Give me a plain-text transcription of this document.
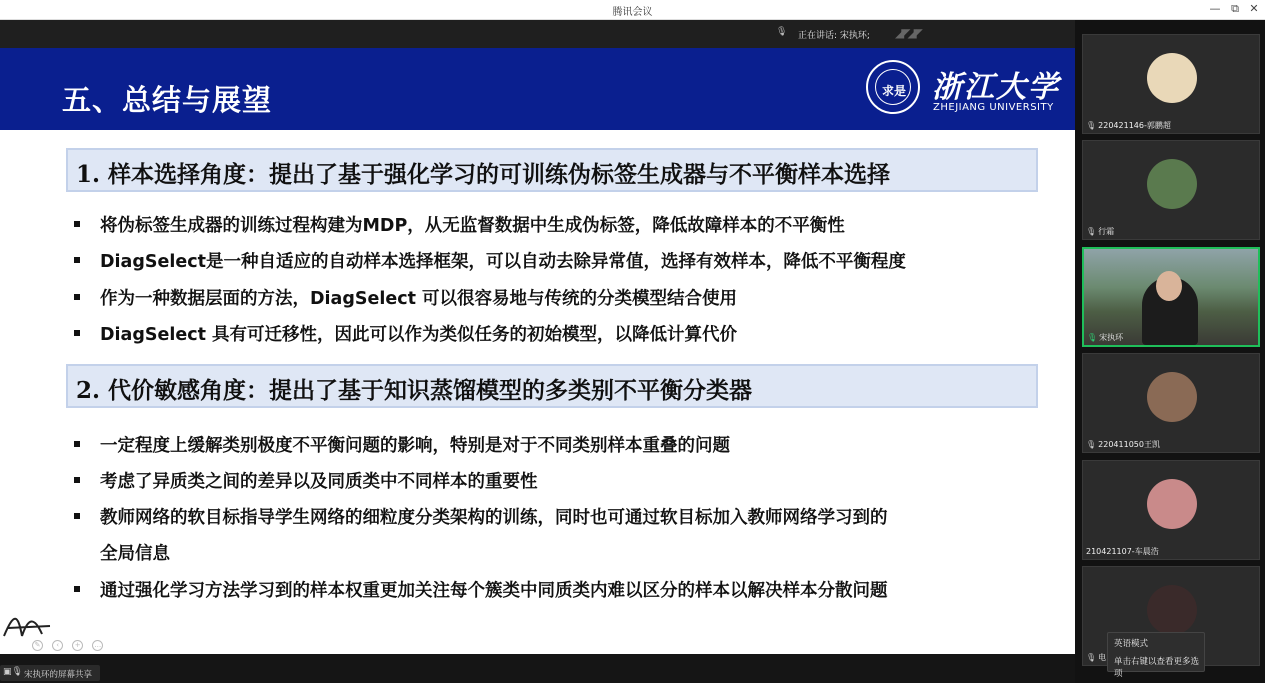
腾讯会议	— ⧉ ✕
🎙 正在讲话: 宋执环; ◢◤◢◤
五、总结与展望	求是 浙江大学
ZHEJIANG UNIVERSITY
1. 样本选择角度：提出了基于强化学习的可训练伪标签生成器与不平衡样本选择
将伪标签生成器的训练过程构建为MDP，从无监督数据中生成伪标签，降低故障样本的不平衡性
DiagSelect是一种自适应的自动样本选择框架，可以自动去除异常值，选择有效样本，降低不平衡程度
作为一种数据层面的方法，DiagSelect 可以很容易地与传统的分类模型结合使用
DiagSelect 具有可迁移性，因此可以作为类似任务的初始模型，以降低计算代价
2. 代价敏感角度：提出了基于知识蒸馏模型的多类别不平衡分类器
一定程度上缓解类别极度不平衡问题的影响，特别是对于不同类别样本重叠的问题
考虑了异质类之间的差异以及同质类中不同样本的重要性
教师网络的软目标指导学生网络的细粒度分类架构的训练，同时也可通过软目标加入教师网络学习到的
全局信息
通过强化学习方法学习到的样本权重更加关注每个簇类中同质类内难以区分的样本以解决样本分散问题
✎ ‹ + …
▣🎙 宋执环的屏幕共享
🎙 220421146-郭鹏超
🎙 行霜
🎙 宋执环
🎙 220411050王凯
210421107-车晨浩
🎙 电
英语模式
单击右键以查看更多选项
